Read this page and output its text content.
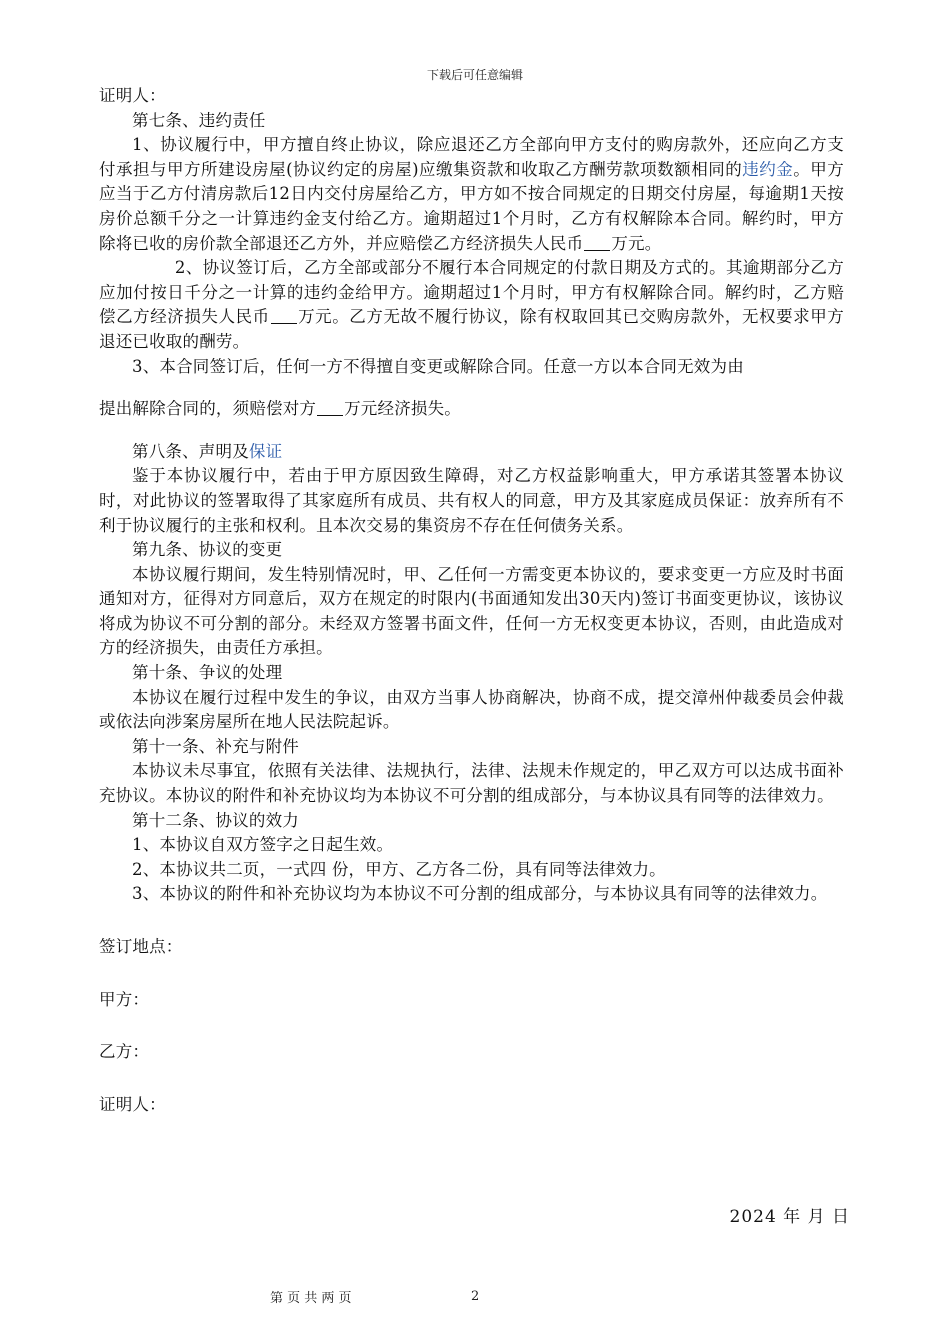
下载后可任意编辑

证明人：

第七条、违约责任

1、协议履行中，甲方擅自终止协议，除应退还乙方全部向甲方支付的购房款外，还应向乙方支付承担与甲方所建设房屋(协议约定的房屋)应缴集资款和收取乙方酬劳款项数额相同的违约金。甲方应当于乙方付清房款后12日内交付房屋给乙方，甲方如不按合同规定的日期交付房屋，每逾期1天按房价总额千分之一计算违约金支付给乙方。逾期超过1个月时，乙方有权解除本合同。解约时，甲方除将已收的房价款全部退还乙方外，并应赔偿乙方经济损失人民币 万元。

2、协议签订后，乙方全部或部分不履行本合同规定的付款日期及方式的。其逾期部分乙方应加付按日千分之一计算的违约金给甲方。逾期超过1个月时，甲方有权解除合同。解约时，乙方赔偿乙方经济损失人民币 万元。乙方无故不履行协议，除有权取回其已交购房款外，无权要求甲方退还已收取的酬劳。

3、本合同签订后，任何一方不得擅自变更或解除合同。任意一方以本合同无效为由

提出解除合同的，须赔偿对方 万元经济损失。

第八条、声明及保证

鉴于本协议履行中，若由于甲方原因致生障碍，对乙方权益影响重大，甲方承诺其签署本协议时，对此协议的签署取得了其家庭所有成员、共有权人的同意，甲方及其家庭成员保证：放弃所有不利于协议履行的主张和权利。且本次交易的集资房不存在任何债务关系。

第九条、协议的变更

本协议履行期间，发生特别情况时，甲、乙任何一方需变更本协议的，要求变更一方应及时书面通知对方，征得对方同意后，双方在规定的时限内(书面通知发出30天内)签订书面变更协议，该协议将成为协议不可分割的部分。未经双方签署书面文件，任何一方无权变更本协议，否则，由此造成对方的经济损失，由责任方承担。

第十条、争议的处理

本协议在履行过程中发生的争议，由双方当事人协商解决，协商不成，提交漳州仲裁委员会仲裁或依法向涉案房屋所在地人民法院起诉。

第十一条、补充与附件

本协议未尽事宜，依照有关法律、法规执行，法律、法规未作规定的，甲乙双方可以达成书面补充协议。本协议的附件和补充协议均为本协议不可分割的组成部分，与本协议具有同等的法律效力。

第十二条、协议的效力

1、本协议自双方签字之日起生效。

2、本协议共二页，一式四 份，甲方、乙方各二份，具有同等法律效力。

3、本协议的附件和补充协议均为本协议不可分割的组成部分，与本协议具有同等的法律效力。

签订地点：

甲方：

乙方：

证明人：

2024 年 月 日
第 页 共 两 页	2
